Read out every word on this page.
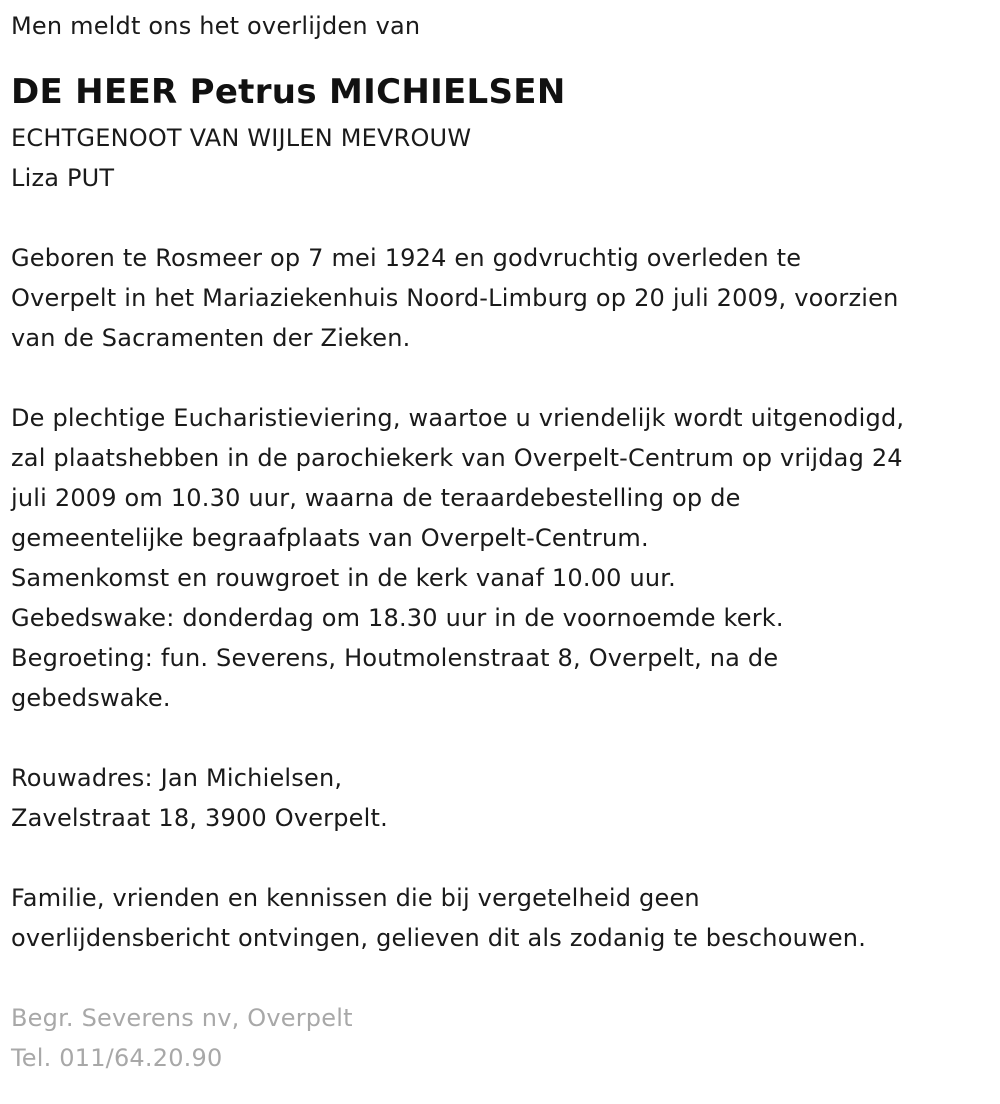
Men meldt ons het overlijden van
DE HEER Petrus MICHIELSEN
ECHTGENOOT VAN WIJLEN MEVROUW
Liza PUT
Geboren te Rosmeer op 7 mei 1924 en godvruchtig overleden te
Overpelt in het Mariaziekenhuis Noord-Limburg op 20 juli 2009, voorzien
van de Sacramenten der Zieken.
De plechtige Eucharistieviering, waartoe u vriendelijk wordt uitgenodigd,
zal plaatshebben in de parochiekerk van Overpelt-Centrum op vrijdag 24
juli 2009 om 10.30 uur, waarna de teraardebestelling op de
gemeentelijke begraafplaats van Overpelt-Centrum.
Samenkomst en rouwgroet in de kerk vanaf 10.00 uur.
Gebedswake: donderdag om 18.30 uur in de voornoemde kerk.
Begroeting: fun. Severens, Houtmolenstraat 8, Overpelt, na de
gebedswake.
Rouwadres: Jan Michielsen,
Zavelstraat 18, 3900 Overpelt.
Familie, vrienden en kennissen die bij vergetelheid geen
overlijdensbericht ontvingen, gelieven dit als zodanig te beschouwen.
Begr. Severens nv, Overpelt
Tel. 011/64.20.90
